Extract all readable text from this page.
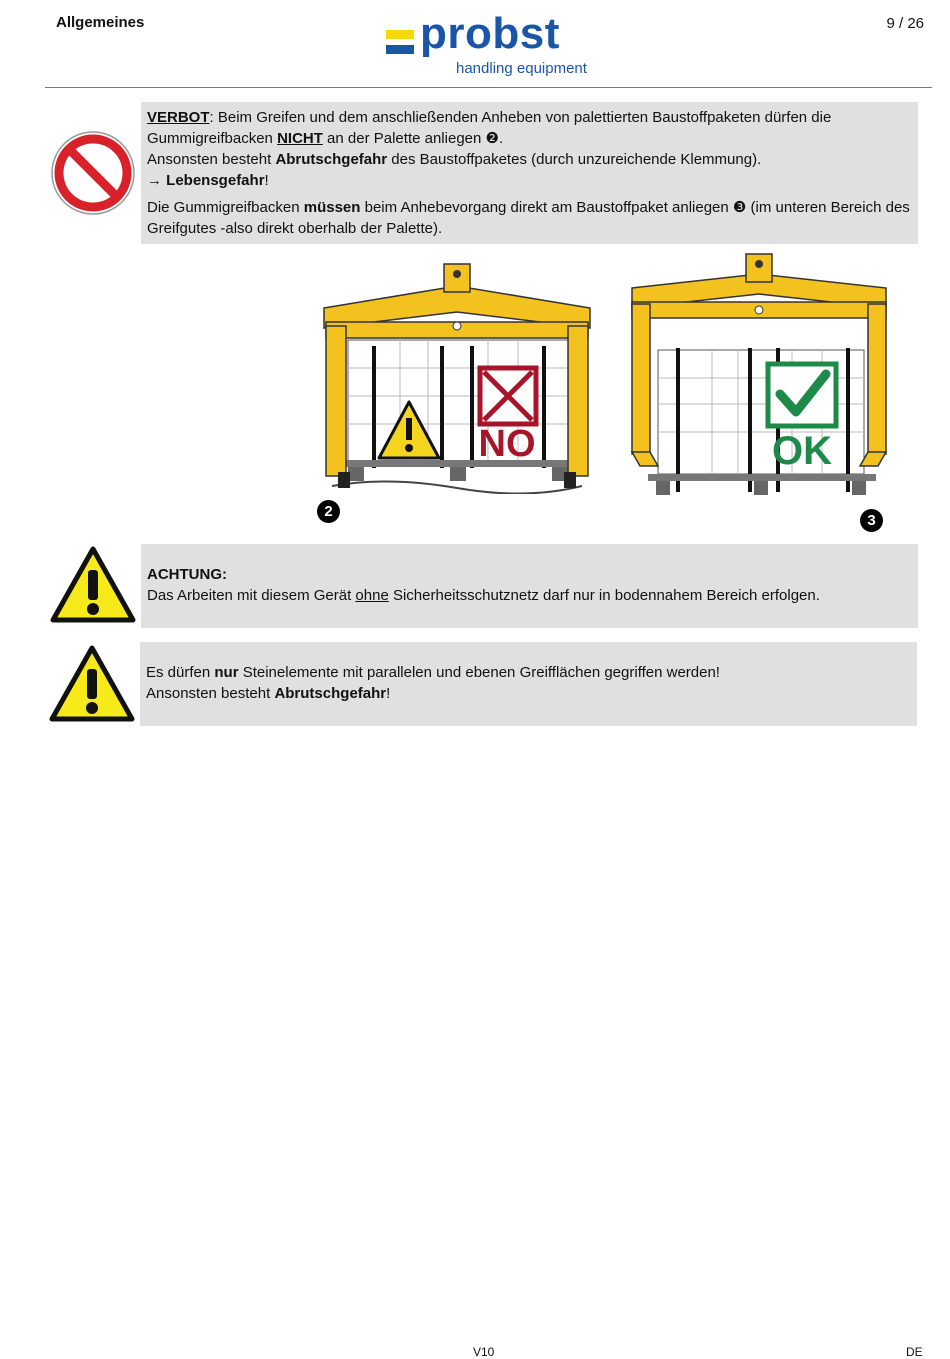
Allgemeines	probst
handling equipment
9 / 26

VERBOT: Beim Greifen und dem anschließenden Anheben von palettierten Baustoffpaketen dürfen die Gummigreifbacken NICHT an der Palette anliegen ❷.
Ansonsten besteht Abrutschgefahr des Baustoffpaketes (durch unzureichende Klemmung).
→ Lebensgefahr!

Die Gummigreifbacken müssen beim Anhebevorgang direkt am Baustoffpaket anliegen ❸ (im unteren Bereich des Greifgutes -also direkt oberhalb der Palette).

NO
2
OK
3

ACHTUNG:

Das Arbeiten mit diesem Gerät ohne Sicherheitsschutznetz darf nur in bodennahem Bereich erfolgen.

Es dürfen nur Steinelemente mit parallelen und ebenen Greifflächen gegriffen werden!

Ansonsten besteht Abrutschgefahr!

V10	DE
